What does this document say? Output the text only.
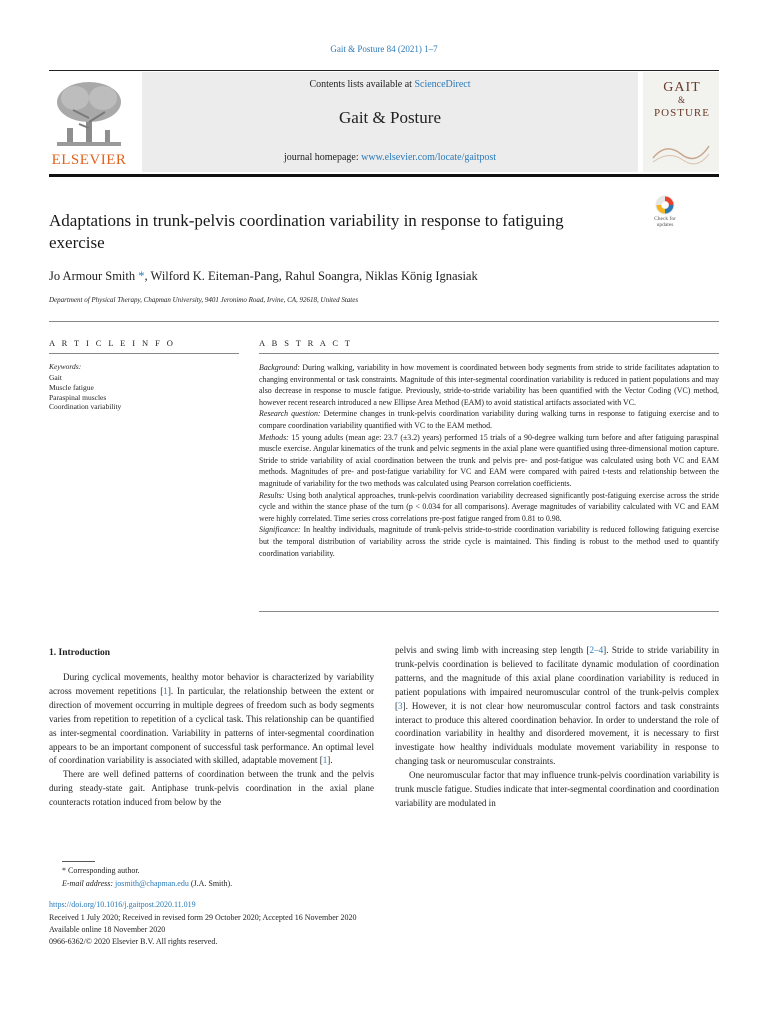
Gait & Posture 84 (2021) 1–7
ELSEVIER
Contents lists available at ScienceDirect
Gait & Posture
journal homepage: www.elsevier.com/locate/gaitpost
GAIT
&
POSTURE
Adaptations in trunk-pelvis coordination variability in response to fatiguing exercise
Check for
updates
Jo Armour Smith *, Wilford K. Eiteman-Pang, Rahul Soangra, Niklas König Ignasiak
Department of Physical Therapy, Chapman University, 9401 Jeronimo Road, Irvine, CA, 92618, United States
A R T I C L E I N F O
Keywords:
Gait
Muscle fatigue
Paraspinal muscles
Coordination variability
A B S T R A C T

Background: During walking, variability in how movement is coordinated between body segments from stride to stride facilitates adaptation to changing environmental or task constraints. Magnitude of this inter-segmental coordination variability is reduced in patient populations and may also decrease in response to muscle fatigue. Previously, stride-to-stride variability has been quantified with the Vector Coding (VC) method, however recent research introduced a new Ellipse Area Method (EAM) to avoid statistical artifacts associated with VC.

Research question: Determine changes in trunk-pelvis coordination variability during walking turns in response to fatiguing exercise and to compare coordination variability quantified with VC to the EAM method.

Methods: 15 young adults (mean age: 23.7 (±3.2) years) performed 15 trials of a 90-degree walking turn before and after fatiguing paraspinal muscle exercise. Angular kinematics of the trunk and pelvic segments in the axial plane were quantified using three-dimensional motion capture. Stride to stride variability of axial coordination between the trunk and pelvis pre- and post-fatigue was calculated using both VC and EAM methods. Magnitudes of pre- and post-fatigue variability for VC and EAM were compared with paired t-tests and relationship between the magnitude of variability for the two methods was calculated using Pearson correlation coefficients.

Results: Using both analytical approaches, trunk-pelvis coordination variability decreased significantly post-fatiguing exercise across the stride cycle and within the stance phase of the turn (p < 0.034 for all comparisons). Average magnitudes of variability calculated with VC and EAM were highly correlated. Time series cross correlations pre-post fatigue ranged from 0.81 to 0.98.

Significance: In healthy individuals, magnitude of trunk-pelvis stride-to-stride coordination variability is reduced following fatiguing exercise but the temporal distribution of variability across the stride cycle is maintained. This finding is robust to the method used to quantify coordination variability.

1. Introduction

During cyclical movements, healthy motor behavior is characterized by variability across movement repetitions [1]. In particular, the relationship between the extent or direction of movement occurring in multiple degrees of freedom such as body segments varies from repetition to repetition of a cyclical task. This relationship can be quantified as inter-segmental coordination. Variability in patterns of inter-segmental coordination appears to be an important component of successful task performance. An optimal level of coordination variability is associated with skilled, adaptable movement [1].

There are well defined patterns of coordination between the trunk and the pelvis during steady-state gait. Antiphase trunk-pelvis coordination in the axial plane counteracts rotation induced from below by the

pelvis and swing limb with increasing step length [2–4]. Stride to stride variability in trunk-pelvis coordination is believed to facilitate dynamic modulation of coordination patterns, and the magnitude of this axial plane coordination variability is reduced in patient populations with impaired neuromuscular control of the trunk-pelvis complex [3]. However, it is not clear how neuromuscular control factors and task constraints interact to produce this altered coordination behavior. In order to understand the role of coordination variability in healthy and disordered movement, it is necessary to first investigate how healthy individuals modulate movement variability in response to changing task or neuromuscular constraints.

One neuromuscular factor that may influence trunk-pelvis coordination variability is trunk muscle fatigue. Studies indicate that inter-segmental coordination and coordination variability are modulated in

* Corresponding author.
E-mail address: josmith@chapman.edu (J.A. Smith).
https://doi.org/10.1016/j.gaitpost.2020.11.019
Received 1 July 2020; Received in revised form 29 October 2020; Accepted 16 November 2020
Available online 18 November 2020
0966-6362/© 2020 Elsevier B.V. All rights reserved.
